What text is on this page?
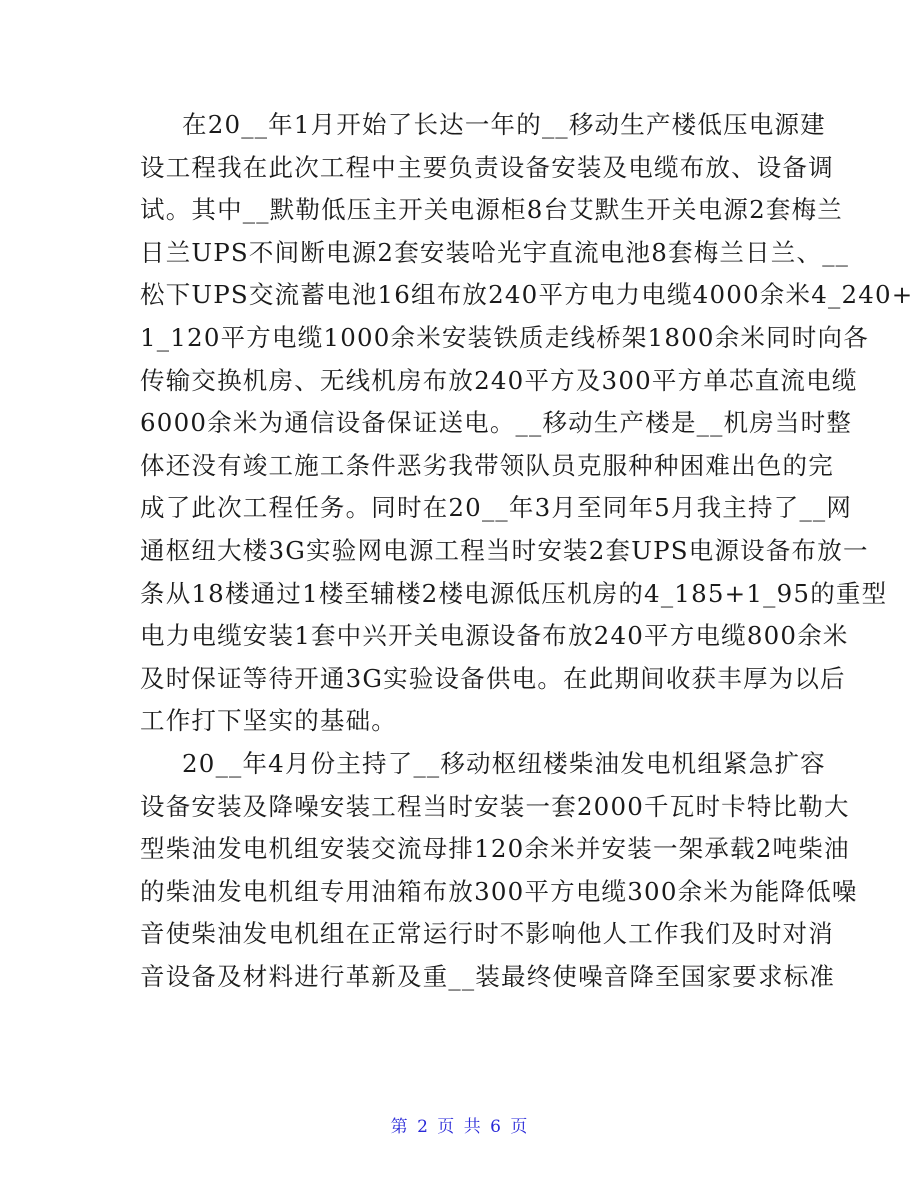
在20__年1月开始了长达一年的__移动生产楼低压电源建
设工程我在此次工程中主要负责设备安装及电缆布放、设备调
试。其中__默勒低压主开关电源柜8台艾默生开关电源2套梅兰
日兰UPS不间断电源2套安装哈光宇直流电池8套梅兰日兰、__
松下UPS交流蓄电池16组布放240平方电力电缆4000余米4_240+
1_120平方电缆1000余米安装铁质走线桥架1800余米同时向各
传输交换机房、无线机房布放240平方及300平方单芯直流电缆
6000余米为通信设备保证送电。__移动生产楼是__机房当时整
体还没有竣工施工条件恶劣我带领队员克服种种困难出色的完
成了此次工程任务。同时在20__年3月至同年5月我主持了__网
通枢纽大楼3G实验网电源工程当时安装2套UPS电源设备布放一
条从18楼通过1楼至辅楼2楼电源低压机房的4_185+1_95的重型
电力电缆安装1套中兴开关电源设备布放240平方电缆800余米
及时保证等待开通3G实验设备供电。在此期间收获丰厚为以后
工作打下坚实的基础。
20__年4月份主持了__移动枢纽楼柴油发电机组紧急扩容
设备安装及降噪安装工程当时安装一套2000千瓦时卡特比勒大
型柴油发电机组安装交流母排120余米并安装一架承载2吨柴油
的柴油发电机组专用油箱布放300平方电缆300余米为能降低噪
音使柴油发电机组在正常运行时不影响他人工作我们及时对消
音设备及材料进行革新及重__装最终使噪音降至国家要求标准
第 2 页 共 6 页
